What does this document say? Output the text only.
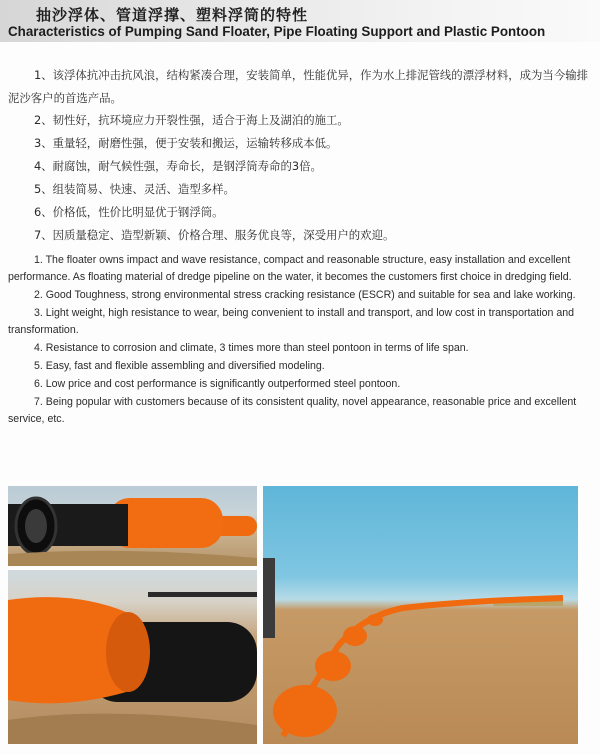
抽沙浮体、管道浮撑、塑料浮筒的特性
Characteristics of Pumping Sand Floater, Pipe Floating Support and Plastic Pontoon
1、该浮体抗冲击抗风浪，结构紧凑合理，安装简单，性能优异，作为水上排泥管线的漂浮材料，成为当今输排泥沙客户的首选产品。
2、韧性好，抗环境应力开裂性强，适合于海上及湖泊的施工。
3、重量轻，耐磨性强，便于安装和搬运，运输转移成本低。
4、耐腐蚀，耐气候性强，寿命长，是钢浮筒寿命的3倍。
5、组装简易、快速、灵活、造型多样。
6、价格低，性价比明显优于钢浮筒。
7、因质量稳定、造型新颖、价格合理、服务优良等，深受用户的欢迎。
1. The floater owns impact and wave resistance, compact and reasonable structure, easy installation and excellent performance. As floating material of dredge pipeline on the water, it becomes the customers first choice in dredging field.
2. Good Toughness, strong environmental stress cracking resistance (ESCR) and suitable for sea and lake working.
3. Light weight, high resistance to wear, being convenient to install and transport, and low cost in transportation and transformation.
4. Resistance to corrosion and climate, 3 times more than steel pontoon in terms of life span.
5. Easy, fast and flexible assembling and diversified modeling.
6. Low price and cost performance is significantly outperformed steel pontoon.
7. Being popular with customers because of its consistent quality, novel appearance, reasonable price and excellent service, etc.
